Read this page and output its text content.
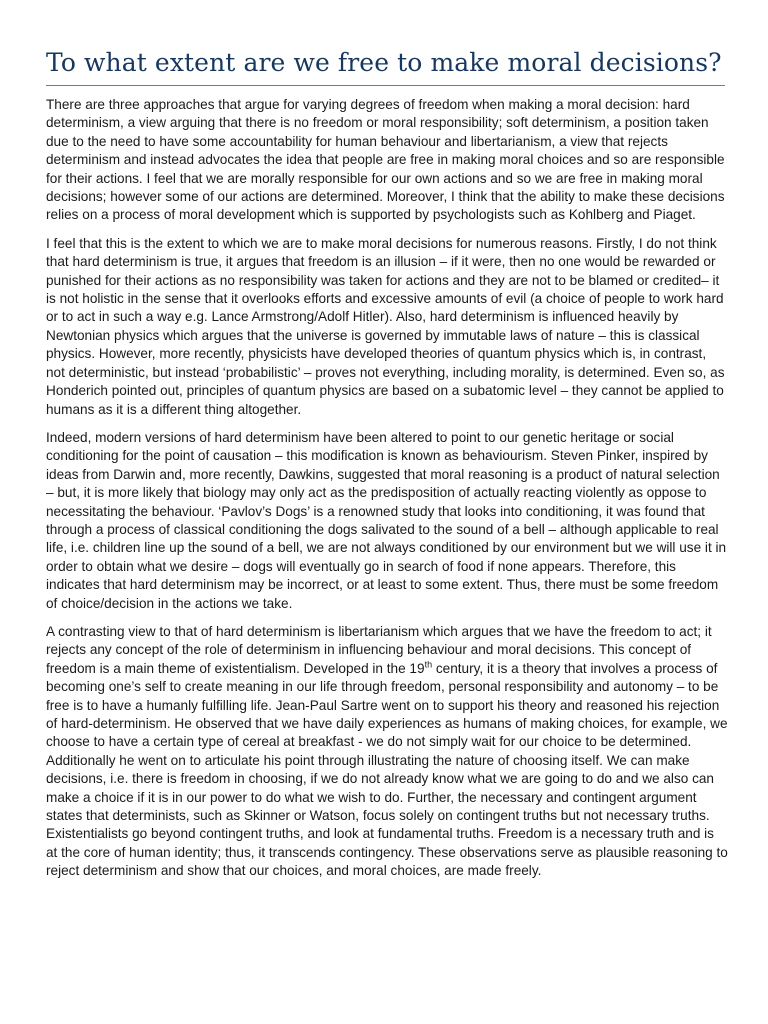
To what extent are we free to make moral decisions?

There are three approaches that argue for varying degrees of freedom when making a moral decision: hard determinism, a view arguing that there is no freedom or moral responsibility; soft determinism, a position taken due to the need to have some accountability for human behaviour and libertarianism, a view that rejects determinism and instead advocates the idea that people are free in making moral choices and so are responsible for their actions. I feel that we are morally responsible for our own actions and so we are free in making moral decisions; however some of our actions are determined. Moreover, I think that the ability to make these decisions relies on a process of moral development which is supported by psychologists such as Kohlberg and Piaget.

I feel that this is the extent to which we are to make moral decisions for numerous reasons. Firstly, I do not think that hard determinism is true, it argues that freedom is an illusion – if it were, then no one would be rewarded or punished for their actions as no responsibility was taken for actions and they are not to be blamed or credited– it is not holistic in the sense that it overlooks efforts and excessive amounts of evil (a choice of people to work hard or to act in such a way e.g. Lance Armstrong/Adolf Hitler). Also, hard determinism is influenced heavily by Newtonian physics which argues that the universe is governed by immutable laws of nature – this is classical physics. However, more recently, physicists have developed theories of quantum physics which is, in contrast, not deterministic, but instead ‘probabilistic’ – proves not everything, including morality, is determined. Even so, as Honderich pointed out, principles of quantum physics are based on a subatomic level – they cannot be applied to humans as it is a different thing altogether.

Indeed, modern versions of hard determinism have been altered to point to our genetic heritage or social conditioning for the point of causation – this modification is known as behaviourism. Steven Pinker, inspired by ideas from Darwin and, more recently, Dawkins, suggested that moral reasoning is a product of natural selection – but, it is more likely that biology may only act as the predisposition of actually reacting violently as oppose to necessitating the behaviour. ‘Pavlov’s Dogs’ is a renowned study that looks into conditioning, it was found that through a process of classical conditioning the dogs salivated to the sound of a bell – although applicable to real life, i.e. children line up the sound of a bell, we are not always conditioned by our environment but we will use it in order to obtain what we desire – dogs will eventually go in search of food if none appears. Therefore, this indicates that hard determinism may be incorrect, or at least to some extent. Thus, there must be some freedom of choice/decision in the actions we take.

A contrasting view to that of hard determinism is libertarianism which argues that we have the freedom to act; it rejects any concept of the role of determinism in influencing behaviour and moral decisions. This concept of freedom is a main theme of existentialism. Developed in the 19th century, it is a theory that involves a process of becoming one’s self to create meaning in our life through freedom, personal responsibility and autonomy – to be free is to have a humanly fulfilling life. Jean-Paul Sartre went on to support his theory and reasoned his rejection of hard-determinism. He observed that we have daily experiences as humans of making choices, for example, we choose to have a certain type of cereal at breakfast - we do not simply wait for our choice to be determined. Additionally he went on to articulate his point through illustrating the nature of choosing itself. We can make decisions, i.e. there is freedom in choosing, if we do not already know what we are going to do and we also can make a choice if it is in our power to do what we wish to do. Further, the necessary and contingent argument states that determinists, such as Skinner or Watson, focus solely on contingent truths but not necessary truths. Existentialists go beyond contingent truths, and look at fundamental truths. Freedom is a necessary truth and is at the core of human identity; thus, it transcends contingency. These observations serve as plausible reasoning to reject determinism and show that our choices, and moral choices, are made freely.
